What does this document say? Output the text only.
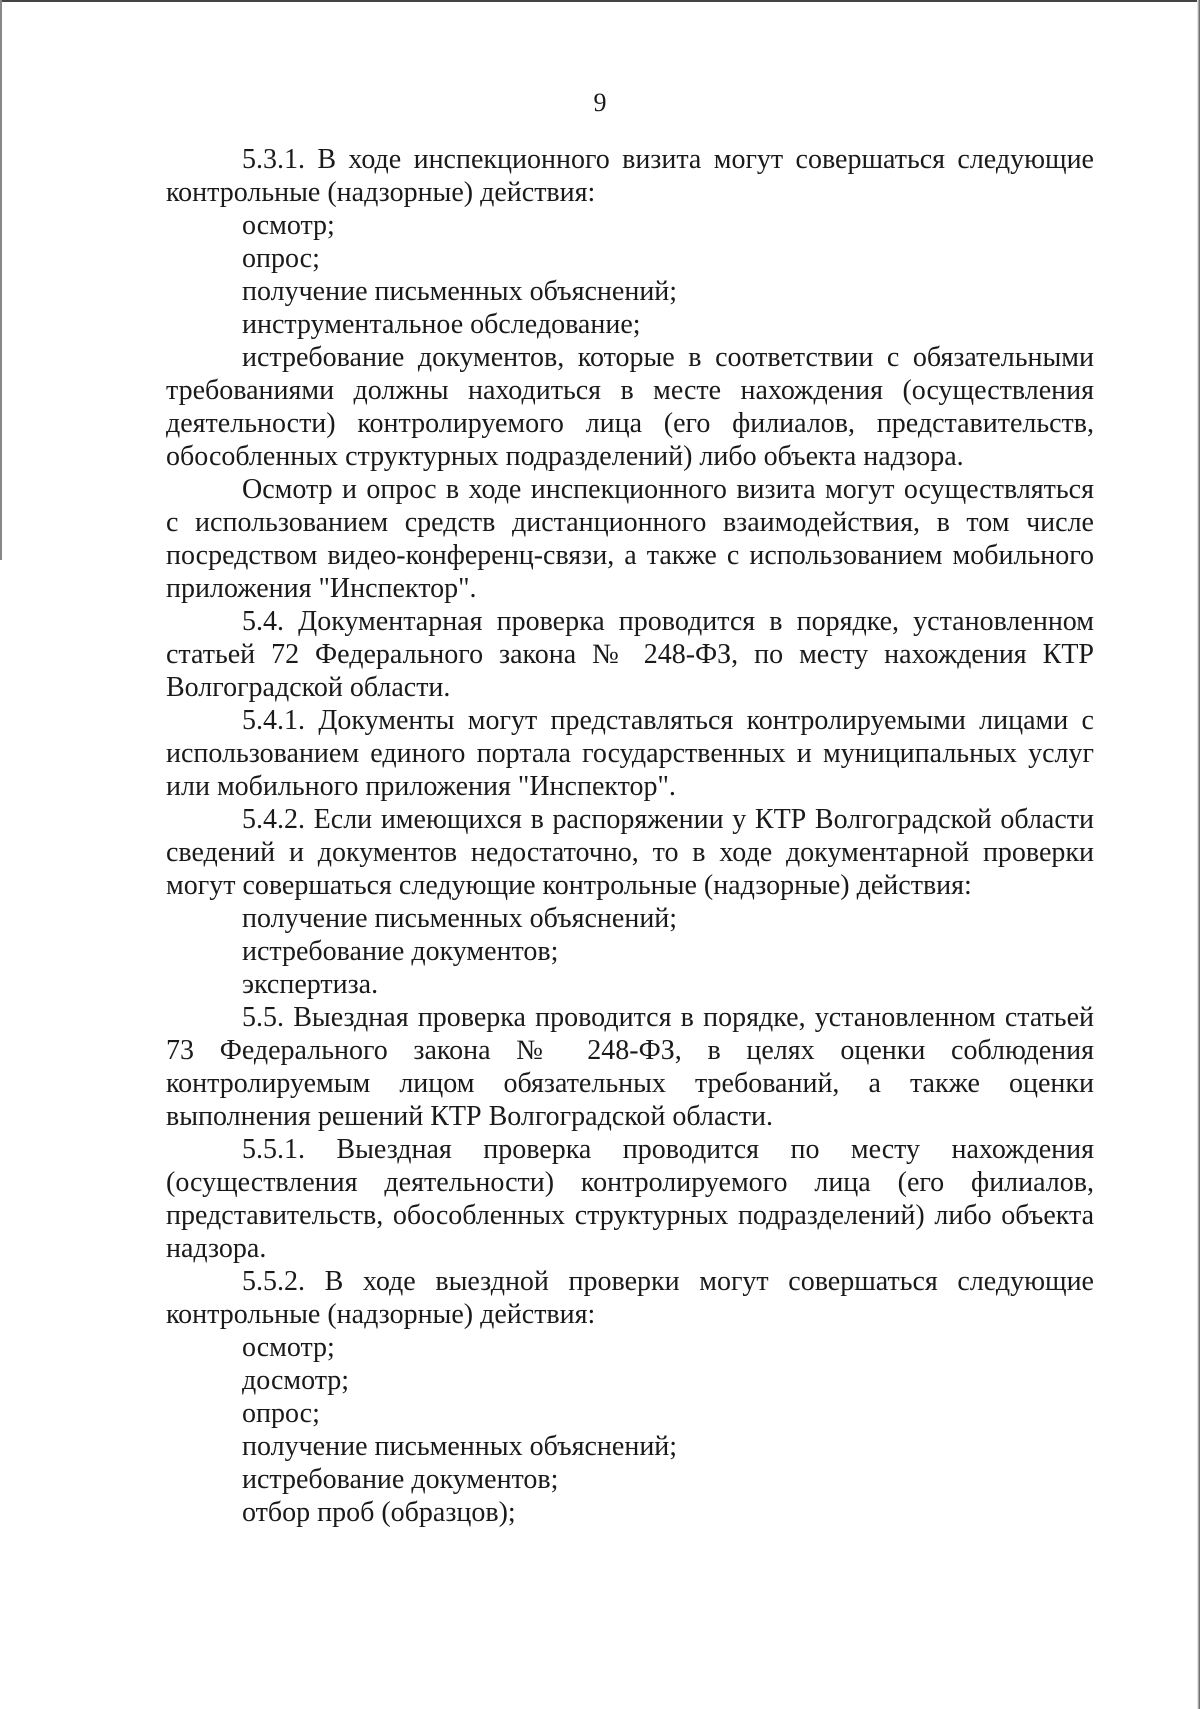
9

5.3.1. В ходе инспекционного визита могут совершаться следующие контрольные (надзорные) действия:

осмотр;

опрос;

получение письменных объяснений;

инструментальное обследование;

истребование документов, которые в соответствии с обязательными требованиями должны находиться в месте нахождения (осуществления деятельности) контролируемого лица (его филиалов, представительств, обособленных структурных подразделений) либо объекта надзора.

Осмотр и опрос в ходе инспекционного визита могут осуществляться с использованием средств дистанционного взаимодействия, в том числе посредством видео-конференц-связи, а также с использованием мобильного приложения "Инспектор".

5.4. Документарная проверка проводится в порядке, установленном статьей 72 Федерального закона № 248-ФЗ, по месту нахождения КТР Волгоградской области.

5.4.1. Документы могут представляться контролируемыми лицами с использованием единого портала государственных и муниципальных услуг или мобильного приложения "Инспектор".

5.4.2. Если имеющихся в распоряжении у КТР Волгоградской области сведений и документов недостаточно, то в ходе документарной проверки могут совершаться следующие контрольные (надзорные) действия:

получение письменных объяснений;

истребование документов;

экспертиза.

5.5. Выездная проверка проводится в порядке, установленном статьей 73 Федерального закона № 248-ФЗ, в целях оценки соблюдения контролируемым лицом обязательных требований, а также оценки выполнения решений КТР Волгоградской области.

5.5.1. Выездная проверка проводится по месту нахождения (осуществления деятельности) контролируемого лица (его филиалов, представительств, обособленных структурных подразделений) либо объекта надзора.

5.5.2. В ходе выездной проверки могут совершаться следующие контрольные (надзорные) действия:

осмотр;

досмотр;

опрос;

получение письменных объяснений;

истребование документов;

отбор проб (образцов);
